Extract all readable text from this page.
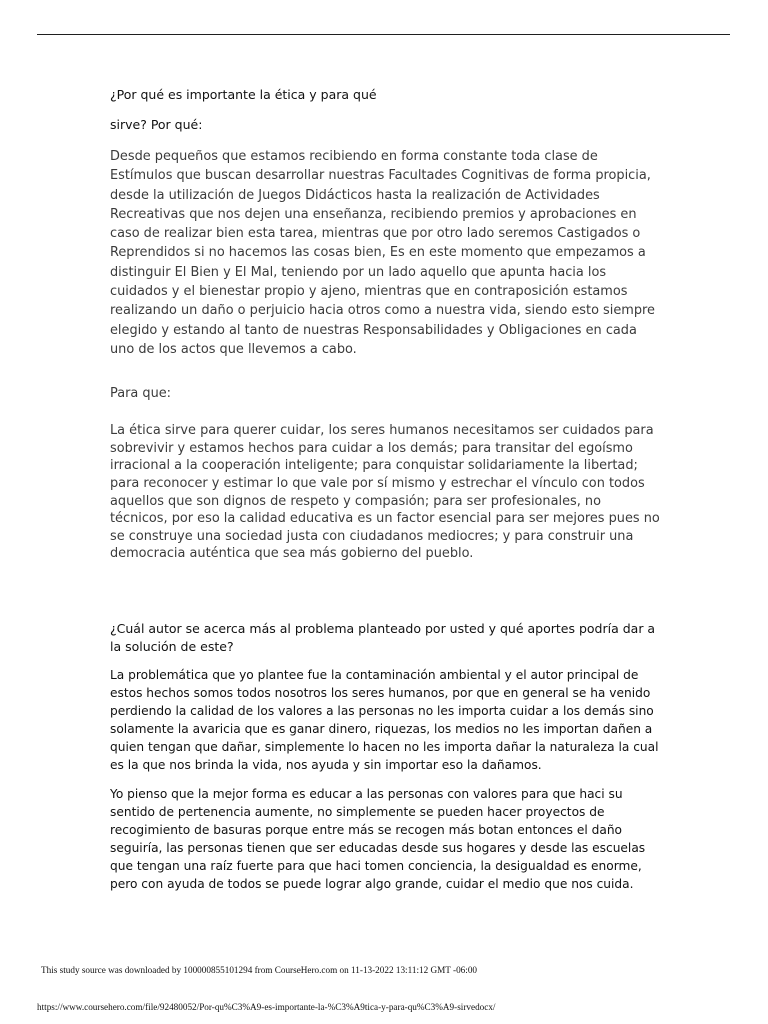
¿Por qué es importante la ética y para qué

sirve? Por qué:

Desde pequeños que estamos recibiendo en forma constante toda clase de Estímulos que buscan desarrollar nuestras Facultades Cognitivas de forma propicia, desde la utilización de Juegos Didácticos hasta la realización de Actividades Recreativas que nos dejen una enseñanza, recibiendo premios y aprobaciones en caso de realizar bien esta tarea, mientras que por otro lado seremos Castigados o Reprendidos si no hacemos las cosas bien, Es en este momento que empezamos a distinguir El Bien y El Mal, teniendo por un lado aquello que apunta hacia los cuidados y el bienestar propio y ajeno, mientras que en contraposición estamos realizando un daño o perjuicio hacia otros como a nuestra vida, siendo esto siempre elegido y estando al tanto de nuestras Responsabilidades y Obligaciones en cada uno de los actos que llevemos a cabo.

Para que:

La ética sirve para querer cuidar, los seres humanos necesitamos ser cuidados para sobrevivir y estamos hechos para cuidar a los demás; para transitar del egoísmo irracional a la cooperación inteligente; para conquistar solidariamente la libertad; para reconocer y estimar lo que vale por sí mismo y estrechar el vínculo con todos aquellos que son dignos de respeto y compasión; para ser profesionales, no técnicos, por eso la calidad educativa es un factor esencial para ser mejores pues no se construye una sociedad justa con ciudadanos mediocres; y para construir una democracia auténtica que sea más gobierno del pueblo.

¿Cuál autor se acerca más al problema planteado por usted y qué aportes podría dar a la solución de este?

La problemática que yo plantee fue la contaminación ambiental y el autor principal de estos hechos somos todos nosotros los seres humanos, por que en general se ha venido perdiendo la calidad de los valores a las personas no les importa cuidar a los demás sino solamente la avaricia que es ganar dinero, riquezas, los medios no les importan dañen a quien tengan que dañar, simplemente lo hacen no les importa dañar la naturaleza la cual es la que nos brinda la vida, nos ayuda y sin importar eso la dañamos.

Yo pienso que la mejor forma es educar a las personas con valores para que haci su sentido de pertenencia aumente, no simplemente se pueden hacer proyectos de recogimiento de basuras porque entre más se recogen más botan entonces el daño seguiría, las personas tienen que ser educadas desde sus hogares y desde las escuelas que tengan una raíz fuerte para que haci tomen conciencia, la desigualdad es enorme, pero con ayuda de todos se puede lograr algo grande, cuidar el medio que nos cuida.

This study source was downloaded by 100000855101294 from CourseHero.com on 11-13-2022 13:11:12 GMT -06:00
https://www.coursehero.com/file/92480052/Por-qu%C3%A9-es-importante-la-%C3%A9tica-y-para-qu%C3%A9-sirvedocx/
